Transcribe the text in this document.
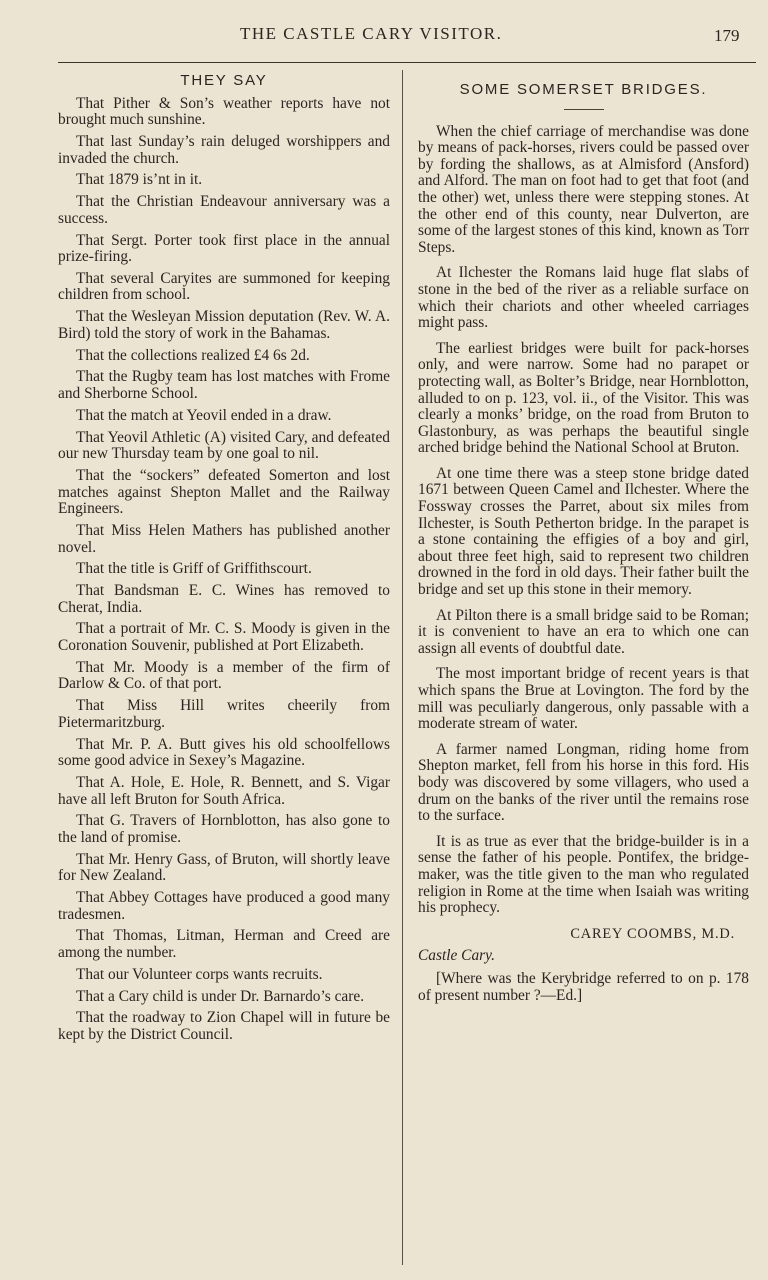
THE CASTLE CARY VISITOR.	179
THEY SAY

That Pither & Son’s weather reports have not brought much sunshine.

That last Sunday’s rain deluged worshippers and invaded the church.

That 1879 is’nt in it.

That the Christian Endeavour anniversary was a success.

That Sergt. Porter took first place in the annual prize-firing.

That several Caryites are summoned for keeping children from school.

That the Wesleyan Mission deputation (Rev. W. A. Bird) told the story of work in the Bahamas.

That the collections realized £4 6s 2d.

That the Rugby team has lost matches with Frome and Sherborne School.

That the match at Yeovil ended in a draw.

That Yeovil Athletic (A) visited Cary, and defeated our new Thursday team by one goal to nil.

That the “sockers” defeated Somerton and lost matches against Shepton Mallet and the Railway Engineers.

That Miss Helen Mathers has published another novel.

That the title is Griff of Griffithscourt.

That Bandsman E. C. Wines has removed to Cherat, India.

That a portrait of Mr. C. S. Moody is given in the Coronation Souvenir, published at Port Elizabeth.

That Mr. Moody is a member of the firm of Darlow & Co. of that port.

That Miss Hill writes cheerily from Pietermaritzburg.

That Mr. P. A. Butt gives his old schoolfellows some good advice in Sexey’s Magazine.

That A. Hole, E. Hole, R. Bennett, and S. Vigar have all left Bruton for South Africa.

That G. Travers of Hornblotton, has also gone to the land of promise.

That Mr. Henry Gass, of Bruton, will shortly leave for New Zealand.

That Abbey Cottages have produced a good many tradesmen.

That Thomas, Litman, Herman and Creed are among the number.

That our Volunteer corps wants recruits.

That a Cary child is under Dr. Barnardo’s care.

That the roadway to Zion Chapel will in future be kept by the District Council.

SOME SOMERSET BRIDGES.

When the chief carriage of merchandise was done by means of pack-horses, rivers could be passed over by fording the shallows, as at Almisford (Ansford) and Alford. The man on foot had to get that foot (and the other) wet, unless there were stepping stones. At the other end of this county, near Dulverton, are some of the largest stones of this kind, known as Torr Steps.

At Ilchester the Romans laid huge flat slabs of stone in the bed of the river as a reliable surface on which their chariots and other wheeled carriages might pass.

The earliest bridges were built for pack-horses only, and were narrow. Some had no parapet or protecting wall, as Bolter’s Bridge, near Hornblotton, alluded to on p. 123, vol. ii., of the Visitor. This was clearly a monks’ bridge, on the road from Bruton to Glastonbury, as was perhaps the beautiful single arched bridge behind the National School at Bruton.

At one time there was a steep stone bridge dated 1671 between Queen Camel and Ilchester. Where the Fossway crosses the Parret, about six miles from Ilchester, is South Petherton bridge. In the parapet is a stone containing the effigies of a boy and girl, about three feet high, said to represent two children drowned in the ford in old days. Their father built the bridge and set up this stone in their memory.

At Pilton there is a small bridge said to be Roman; it is convenient to have an era to which one can assign all events of doubtful date.

The most important bridge of recent years is that which spans the Brue at Lovington. The ford by the mill was peculiarly dangerous, only passable with a moderate stream of water.

A farmer named Longman, riding home from Shepton market, fell from his horse in this ford. His body was discovered by some villagers, who used a drum on the banks of the river until the remains rose to the surface.

It is as true as ever that the bridge-builder is in a sense the father of his people. Pontifex, the bridge-maker, was the title given to the man who regulated religion in Rome at the time when Isaiah was writing his prophecy.

CAREY COOMBS, M.D.
Castle Cary.

[Where was the Kerybridge referred to on p. 178 of present number ?—Ed.]
